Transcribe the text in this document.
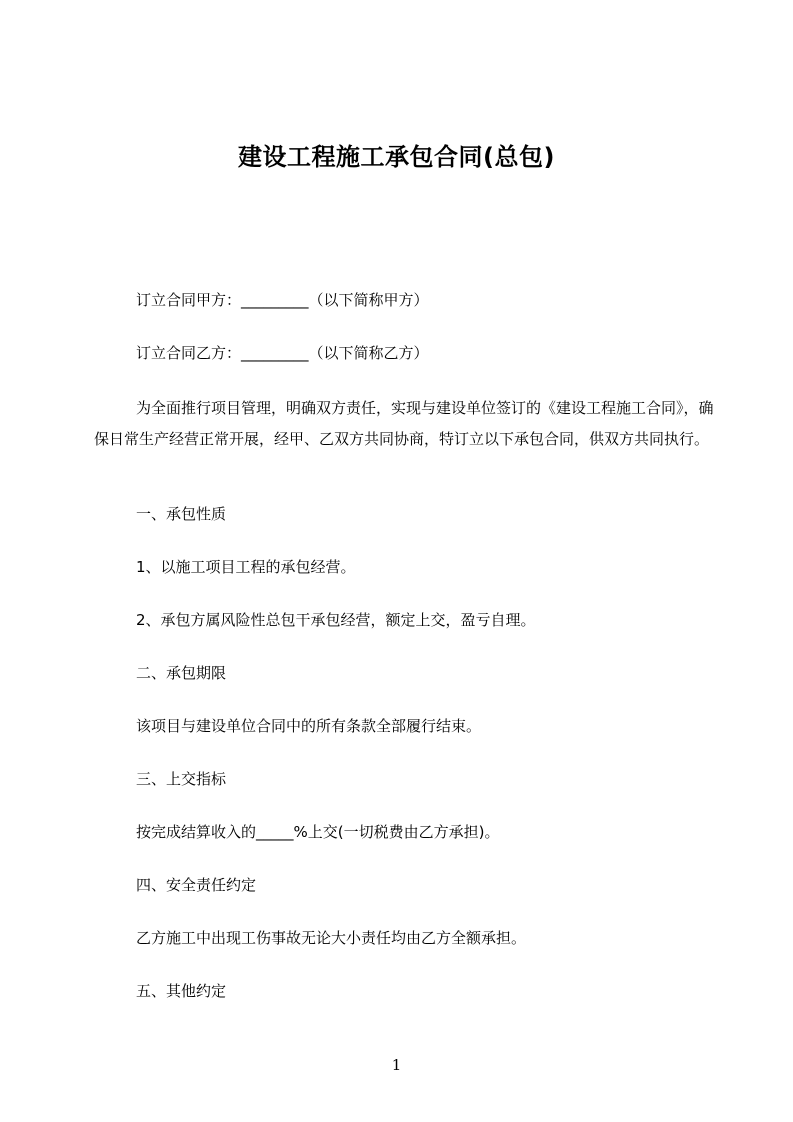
建设工程施工承包合同(总包)
订立合同甲方：_________（以下简称甲方）
订立合同乙方：_________（以下简称乙方）
为全面推行项目管理，明确双方责任，实现与建设单位签订的《建设工程施工合同》，确保日常生产经营正常开展，经甲、乙双方共同协商，特订立以下承包合同，供双方共同执行。
一、承包性质
1、以施工项目工程的承包经营。
2、承包方属风险性总包干承包经营，额定上交，盈亏自理。
二、承包期限
该项目与建设单位合同中的所有条款全部履行结束。
三、上交指标
按完成结算收入的_____%上交(一切税费由乙方承担)。
四、安全责任约定
乙方施工中出现工伤事故无论大小责任均由乙方全额承担。
五、其他约定
1
